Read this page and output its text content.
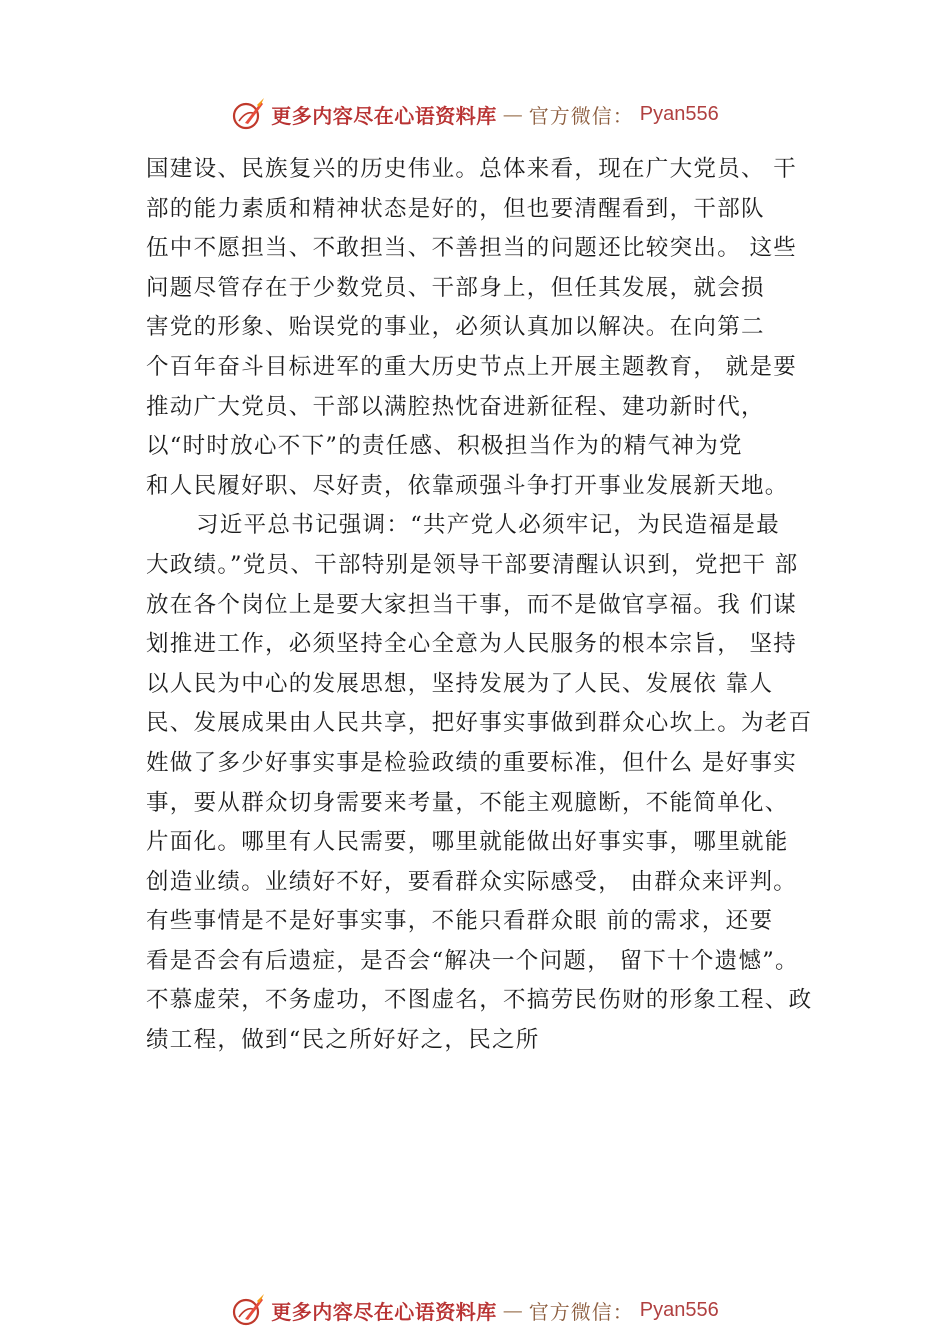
更多内容尽在心语资料库 — 官方微信： Pyan556
国建设、民族复兴的历史伟业。总体来看，现在广大党员、 干
部的能力素质和精神状态是好的，但也要清醒看到，干部队
伍中不愿担当、不敢担当、不善担当的问题还比较突出。 这些
问题尽管存在于少数党员、干部身上，但任其发展，就会损
害党的形象、贻误党的事业，必须认真加以解决。在向第二
个百年奋斗目标进军的重大历史节点上开展主题教育， 就是要
推动广大党员、干部以满腔热忱奋进新征程、建功新时代，
以“时时放心不下”的责任感、积极担当作为的精气神为党
和人民履好职、尽好责，依靠顽强斗争打开事业发展新天地。
习近平总书记强调：“共产党人必须牢记，为民造福是最
大政绩。”党员、干部特别是领导干部要清醒认识到，党把干 部
放在各个岗位上是要大家担当干事，而不是做官享福。我 们谋
划推进工作，必须坚持全心全意为人民服务的根本宗旨， 坚持
以人民为中心的发展思想，坚持发展为了人民、发展依 靠人
民、发展成果由人民共享，把好事实事做到群众心坎上。为老百
姓做了多少好事实事是检验政绩的重要标准，但什么 是好事实
事，要从群众切身需要来考量，不能主观臆断，不能简单化、
片面化。哪里有人民需要，哪里就能做出好事实事，哪里就能
创造业绩。业绩好不好，要看群众实际感受， 由群众来评判。
有些事情是不是好事实事，不能只看群众眼 前的需求，还要
看是否会有后遗症，是否会“解决一个问题， 留下十个遗憾”。
不慕虚荣，不务虚功，不图虚名，不搞劳民伤财的形象工程、政
绩工程，做到“民之所好好之，民之所
更多内容尽在心语资料库 — 官方微信： Pyan556
